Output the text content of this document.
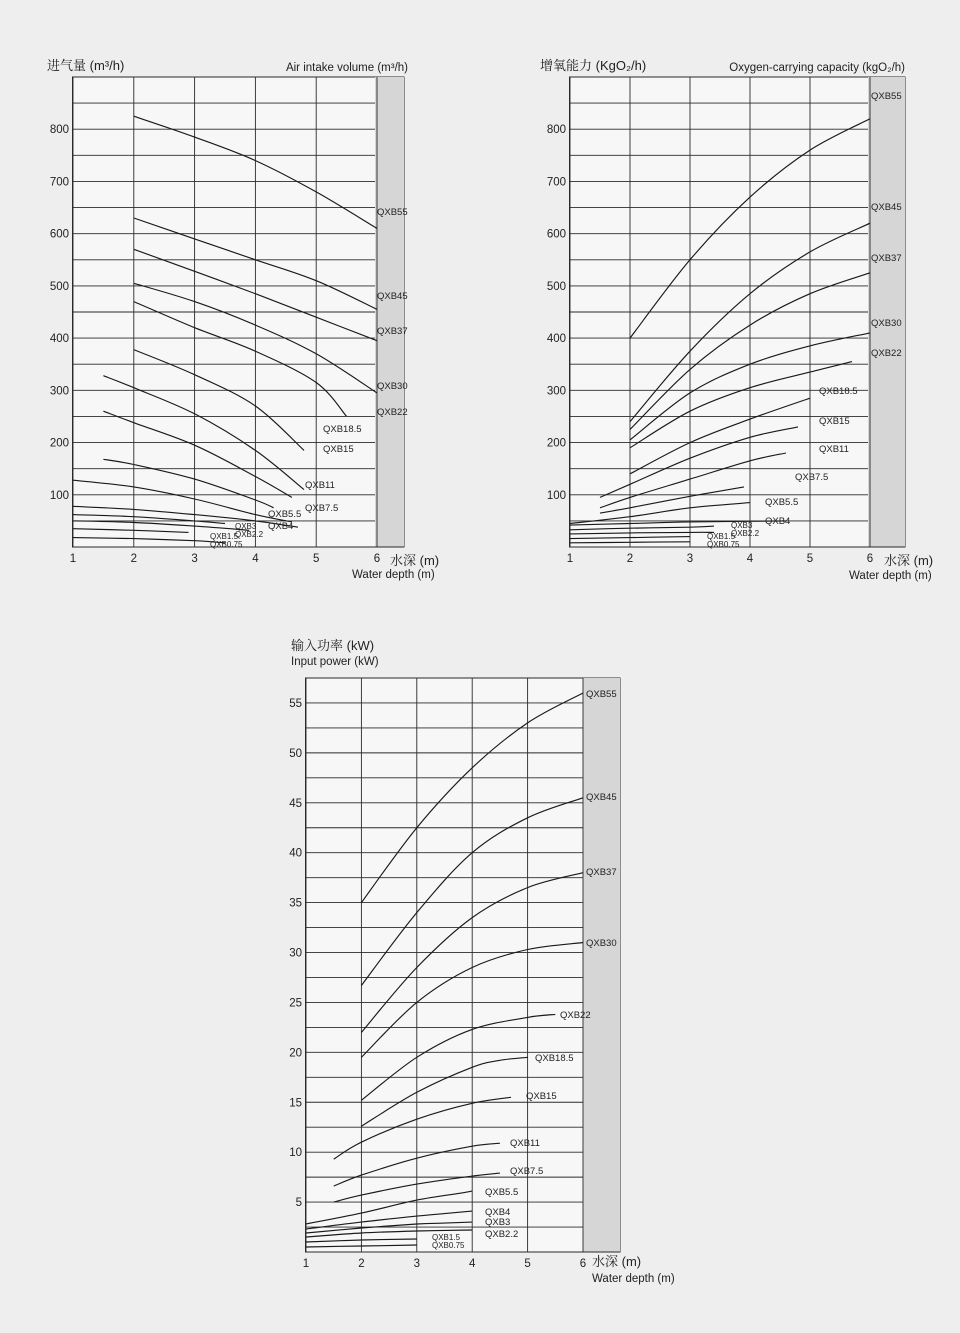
100
200
300
400
500
600
700
800
1	2	3	4	5	6
进气量 (m³/h)	Air intake volume (m³/h)
水深 (m)
Water depth (m)
QXB55
QXB45
QXB37
QXB30
QXB22
QXB18.5
QXB15
QXB11
QXB7.5
QXB5.5
QXB4
QXB3
QXB2.2
QXB1.5
QXB0.75
100
200
300
400
500
600
700
800
1	2	3	4	5	6
增氧能力 (KgO₂/h)	Oxygen-carrying capacity (kgO₂/h)
水深 (m)
Water depth (m)
QXB55
QXB45
QXB37
QXB30
QXB22
QXB18.5
QXB15
QXB11
QXB7.5
QXB5.5
QXB4
QXB3
QXB2.2
QXB1.5
QXB0.75
5
10
15
20
25
30
35
40
45
50
55
1	2	3	4	5	6
输入功率 (kW)
Input power (kW)
水深 (m)
Water depth (m)
QXB55
QXB45
QXB37
QXB30
QXB22
QXB18.5
QXB15
QXB11
QXB7.5
QXB5.5
QXB4
QXB3
QXB2.2
QXB1.5
QXB0.75
